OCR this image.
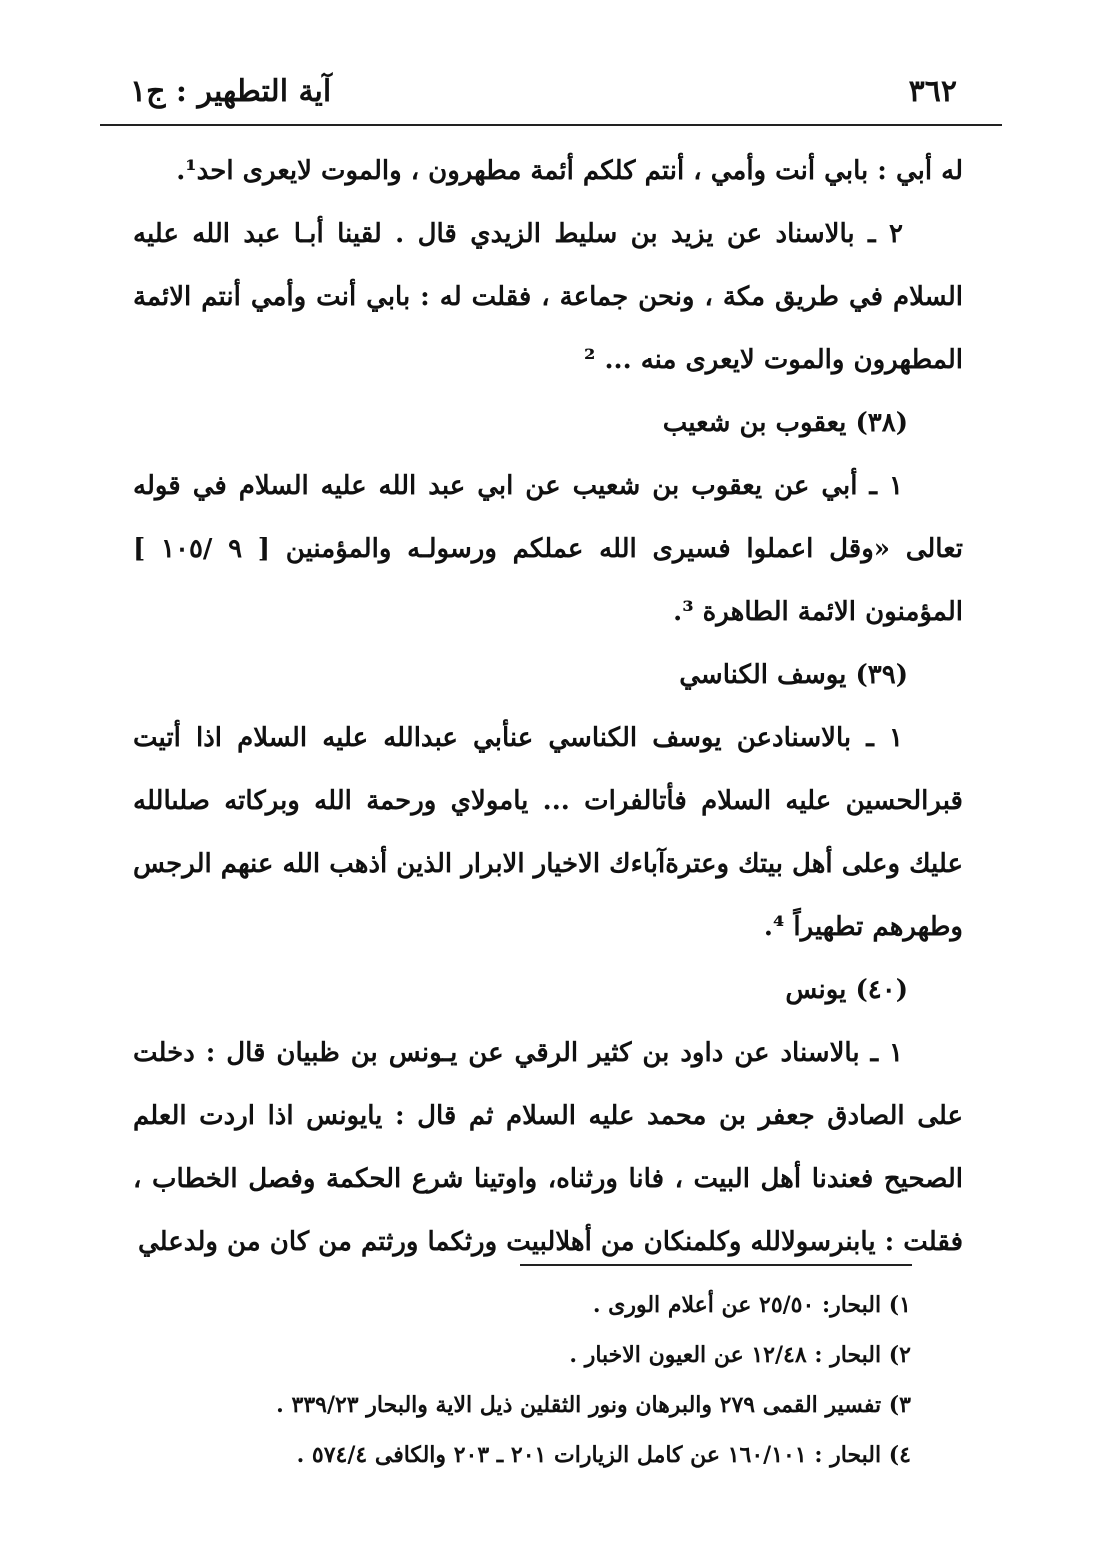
٣٦٢
آية التطهير : ج١

له أبي : بابي أنت وأمي ، أنتم كلكم أئمة مطهرون ، والموت لايعرى احد¹.

٢ ـ بالاسناد عن يزيد بن سليط الزيدي قال . لقينا أبـا عبد الله عليه السلام في طريق مكة ، ونحن جماعة ، فقلت له : بابي أنت وأمي أنتم الائمة المطهرون والموت لايعرى منه ... ²

(٣٨) يعقوب بن شعيب

١ ـ أبي عن يعقوب بن شعيب عن ابي عبد الله عليه السلام في قوله تعالى «وقل اعملوا فسيرى الله عملكم ورسولـه والمؤمنين [ ٩ /١٠٥ ] المؤمنون الائمة الطاهرة ³.

(٣٩) يوسف الكناسي

١ ـ بالاسنادعن يوسف الكناسي عنأبي عبدالله عليه السلام اذا أتيت قبرالحسين عليه السلام فأتالفرات ... يامولاي ورحمة الله وبركاته صلىالله عليك وعلى أهل بيتك وعترةآباءك الاخيار الابرار الذين أذهب الله عنهم الرجس وطهرهم تطهيراً ⁴.

(٤٠) يونس

١ ـ بالاسناد عن داود بن كثير الرقي عن يـونس بن ظبيان قال : دخلت على الصادق جعفر بن محمد عليه السلام ثم قال : يايونس اذا اردت العلم الصحيح فعندنا أهل البيت ، فانا ورثناه، واوتينا شرع الحكمة وفصل الخطاب ، فقلت : يابنرسولالله وكلمنكان من أهلالبيت ورثكما ورثتم من كان من ولدعلي

١) البحار: ٢٥/٥٠ عن أعلام الورى .

٢) البحار : ١٢/٤٨ عن العيون الاخبار .

٣) تفسير القمى ٢٧٩ والبرهان ونور الثقلين ذيل الاية والبحار ٣٣٩/٢٣ .

٤) البحار : ١٦٠/١٠١ عن كامل الزيارات ٢٠١ ـ ٢٠٣ والكافى ٥٧٤/٤ .
